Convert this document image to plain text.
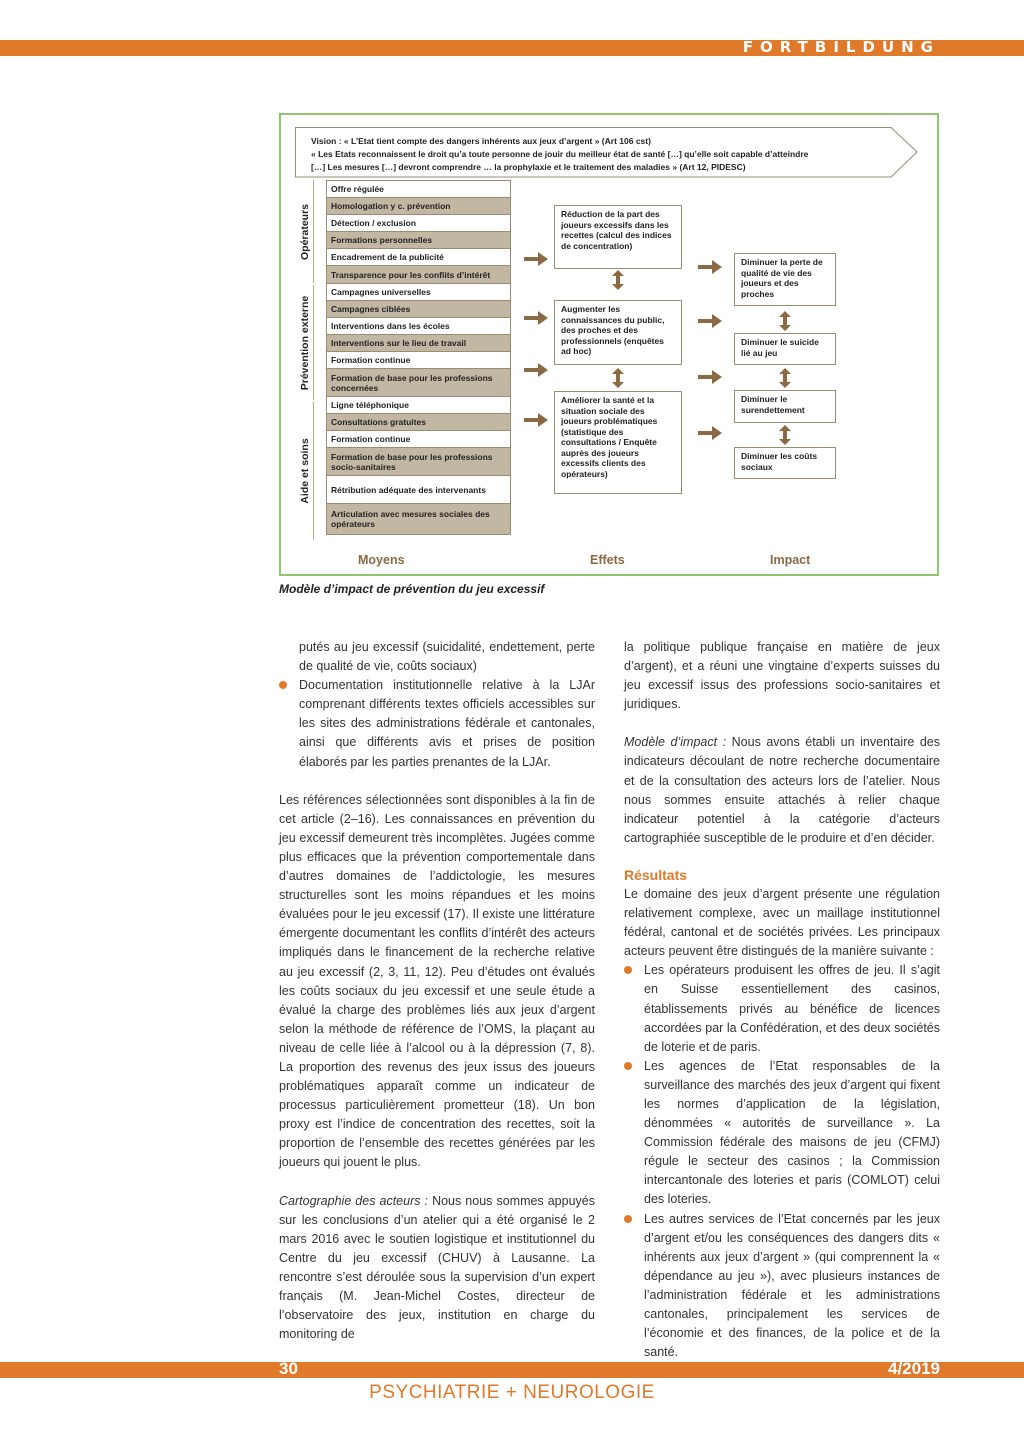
FORTBILDUNG
Vision : « L’Etat tient compte des dangers inhérents aux jeux d’argent » (Art 106 cst)
« Les Etats reconnaissent le droit qu’a toute personne de jouir du meilleur état de santé […] qu’elle soit capable d’atteindre
[…] Les mesures […] devront comprendre … la prophylaxie et le traitement des maladies » (Art 12, PIDESC)
Opérateurs
Prévention externe
Aide et soins
Offre régulée
Homologation y c. prévention
Détection / exclusion
Formations personnelles
Encadrement de la publicité
Transparence pour les conflits d’intérêt
Campagnes universelles
Campagnes ciblées
Interventions dans les écoles
Interventions sur le lieu de travail
Formation continue
Formation de base pour les professions concernées
Ligne téléphonique
Consultations gratuites
Formation continue
Formation de base pour les professions socio-sanitaires
Rétribution adéquate des intervenants
Articulation avec mesures sociales des opérateurs
Réduction de la part des joueurs excessifs dans les recettes (calcul des indices de concentration)
Augmenter les connaissances du public, des proches et des professionnels (enquêtes ad hoc)
Améliorer la santé et la situation sociale des joueurs problématiques (statistique des consultations / Enquête auprès des joueurs excessifs clients des opérateurs)
Diminuer la perte de qualité de vie des joueurs et des proches
Diminuer le suicide lié au jeu
Diminuer le surendettement
Diminuer les coûts sociaux
Moyens	Effets	Impact
Modèle d’impact de prévention du jeu excessif

putés au jeu excessif (suicidalité, endettement, perte de qualité de vie, coûts sociaux)

Documentation institutionnelle relative à la LJAr comprenant différents textes officiels accessibles sur les sites des administrations fédérale et cantonales, ainsi que différents avis et prises de position élaborés par les parties prenantes de la LJAr.

Les références sélectionnées sont disponibles à la fin de cet article (2–16). Les connaissances en prévention du jeu excessif demeurent très incomplètes. Jugées comme plus efficaces que la prévention comportementale dans d’autres domaines de l’addictologie, les mesures structurelles sont les moins répandues et les moins évaluées pour le jeu excessif (17). Il existe une littérature émergente documentant les conflits d’intérêt des acteurs impliqués dans le financement de la recherche relative au jeu excessif (2, 3, 11, 12). Peu d’études ont évalués les coûts sociaux du jeu excessif et une seule étude a évalué la charge des problèmes liés aux jeux d’argent selon la méthode de référence de l’OMS, la plaçant au niveau de celle liée à l’alcool ou à la dépression (7, 8). La proportion des revenus des jeux issus des joueurs problématiques apparaît comme un indicateur de processus particulièrement prometteur (18). Un bon proxy est l’indice de concentration des recettes, soit la proportion de l’ensemble des recettes générées par les joueurs qui jouent le plus.

Cartographie des acteurs : Nous nous sommes appuyés sur les conclusions d’un atelier qui a été organisé le 2 mars 2016 avec le soutien logistique et institutionnel du Centre du jeu excessif (CHUV) à Lausanne. La rencontre s’est déroulée sous la supervision d’un expert français (M. Jean-Michel Costes, directeur de l’observatoire des jeux, institution en charge du monitoring de

la politique publique française en matière de jeux d’argent), et a réuni une vingtaine d’experts suisses du jeu excessif issus des professions socio-sanitaires et juridiques.

Modèle d’impact : Nous avons établi un inventaire des indicateurs découlant de notre recherche documentaire et de la consultation des acteurs lors de l’atelier. Nous nous sommes ensuite attachés à relier chaque indicateur potentiel à la catégorie d’acteurs cartographiée susceptible de le produire et d’en décider.

Résultats

Le domaine des jeux d’argent présente une régulation relativement complexe, avec un maillage institutionnel fédéral, cantonal et de sociétés privées. Les principaux acteurs peuvent être distingués de la manière suivante :

Les opérateurs produisent les offres de jeu. Il s’agit en Suisse essentiellement des casinos, établissements privés au bénéfice de licences accordées par la Confédération, et des deux sociétés de loterie et de paris.

Les agences de l’Etat responsables de la surveillance des marchés des jeux d’argent qui fixent les normes d’application de la législation, dénommées « autorités de surveillance ». La Commission fédérale des maisons de jeu (CFMJ) régule le secteur des casinos ; la Commission intercantonale des loteries et paris (COMLOT) celui des loteries.

Les autres services de l’Etat concernés par les jeux d’argent et/ou les conséquences des dangers dits « inhérents aux jeux d’argent » (qui comprennent la « dépendance au jeu »), avec plusieurs instances de l’administration fédérale et les administrations cantonales, principalement les services de l’économie et des finances, de la police et de la santé.

30	4/2019
PSYCHIATRIE + NEUROLOGIE
